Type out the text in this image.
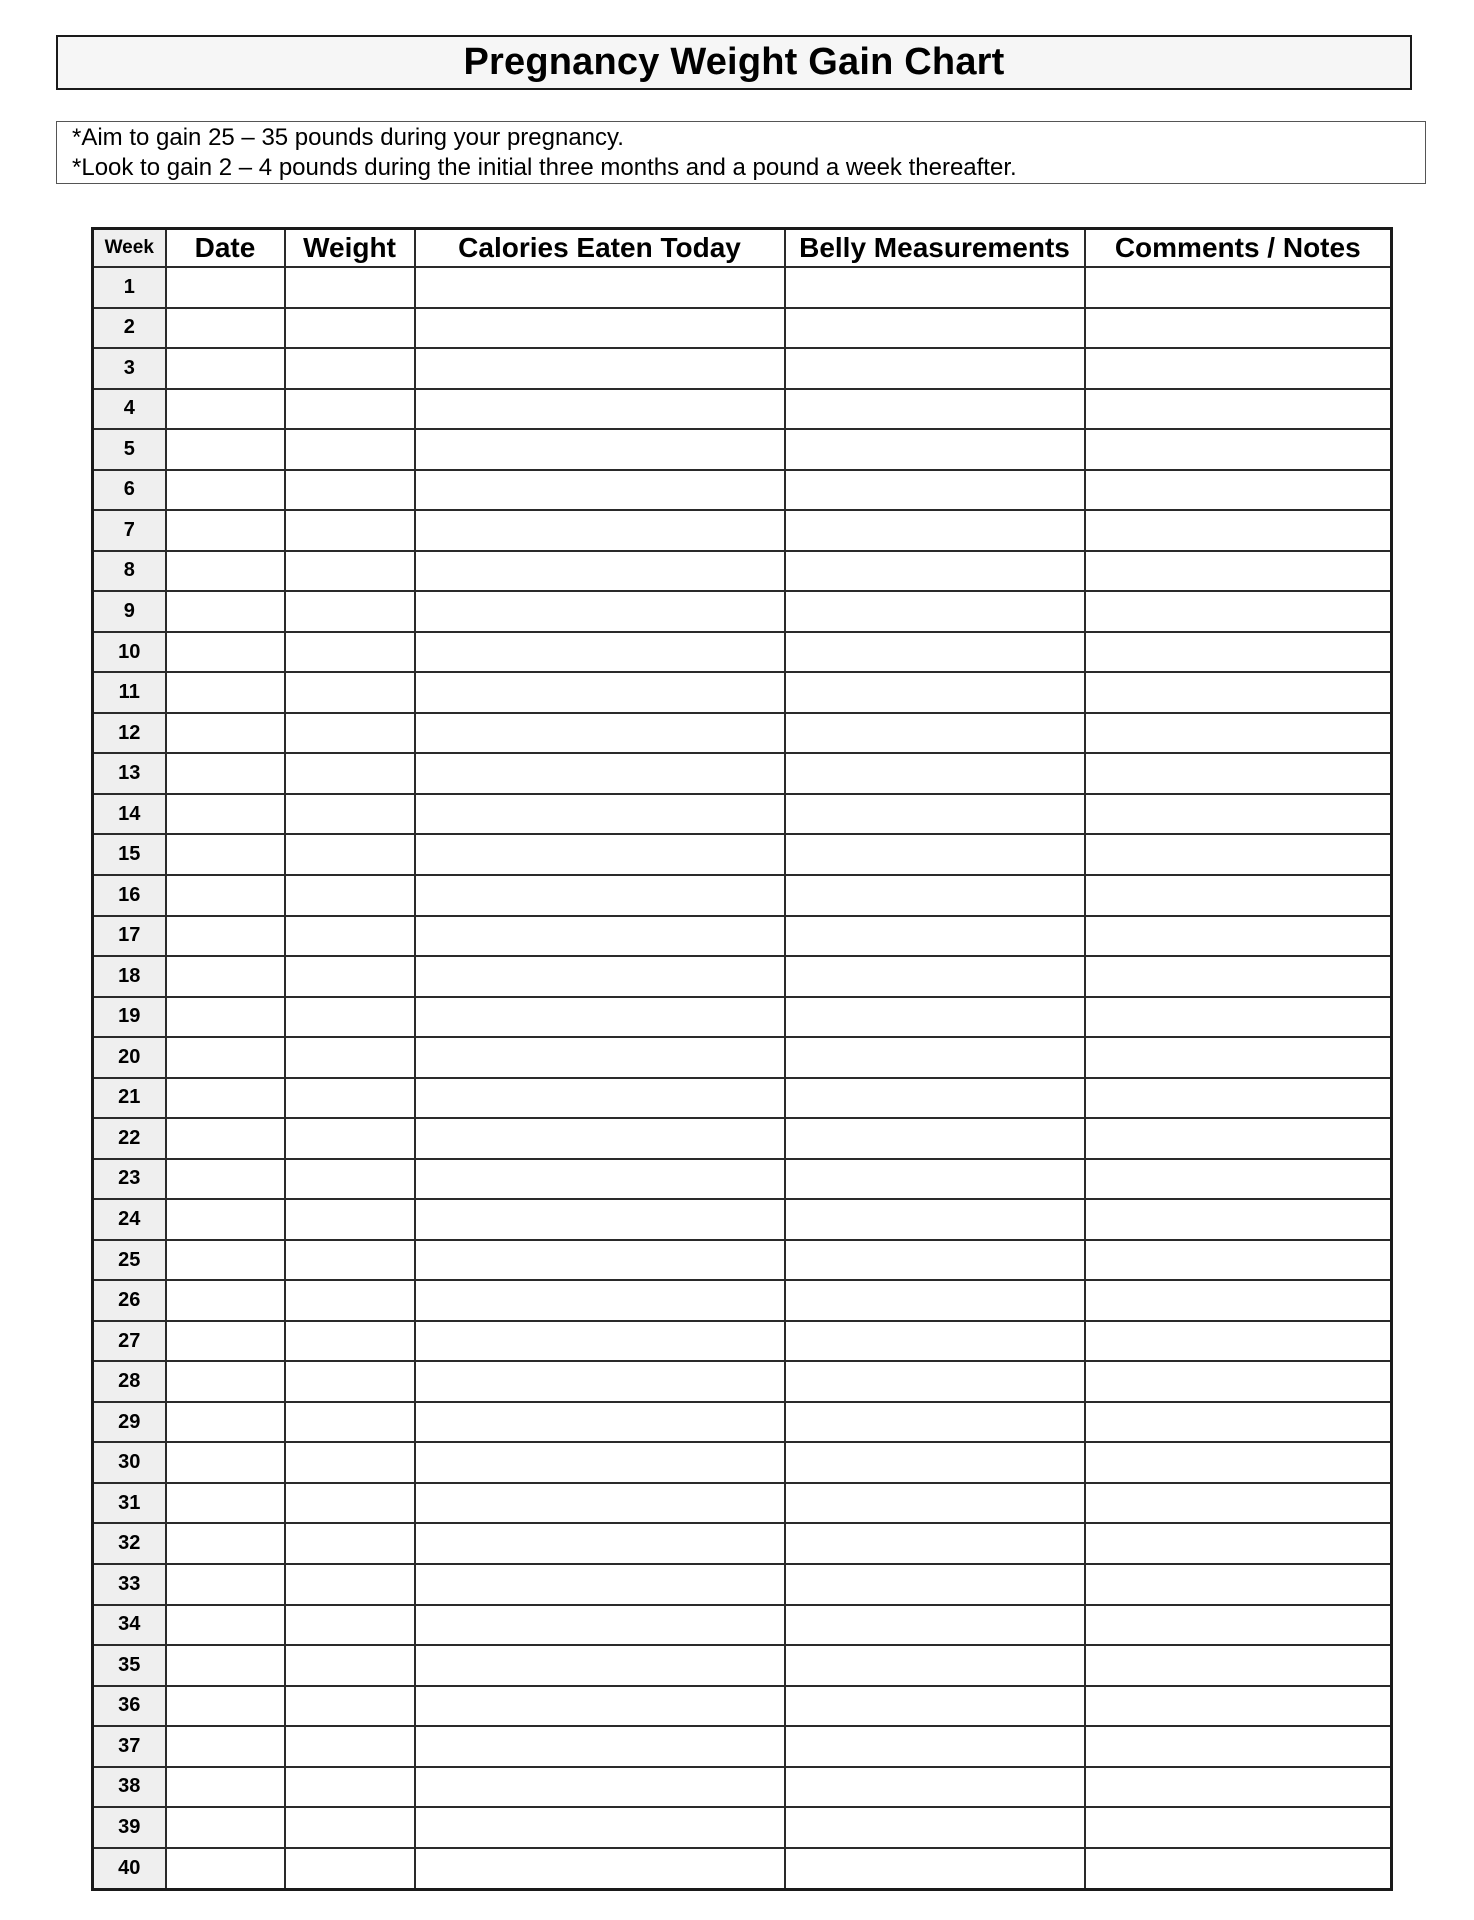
Pregnancy Weight Gain Chart
*Aim to gain 25 – 35 pounds during your pregnancy.
*Look to gain 2 – 4 pounds during the initial three months and a pound a week thereafter.
Week	Date	Weight	Calories Eaten Today	Belly Measurements	Comments / Notes
1					
2					
3					
4					
5					
6					
7					
8					
9					
10					
11					
12					
13					
14					
15					
16					
17					
18					
19					
20					
21					
22					
23					
24					
25					
26					
27					
28					
29					
30					
31					
32					
33					
34					
35					
36					
37					
38					
39					
40					
